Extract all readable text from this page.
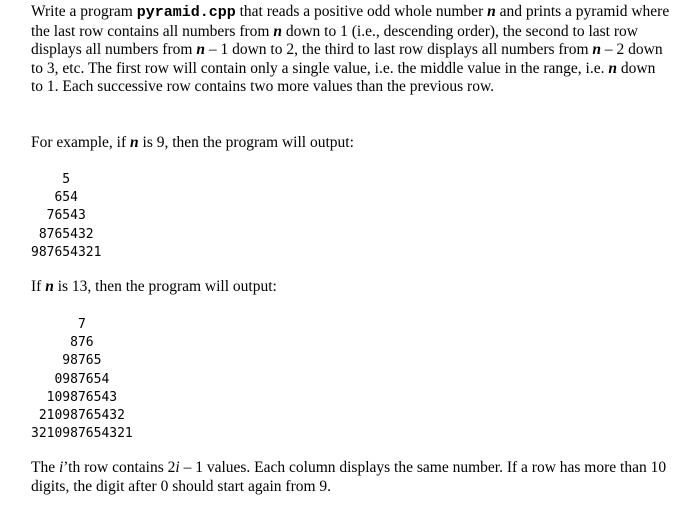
Write a program pyramid.cpp that reads a positive odd whole number n and prints a pyramid where the last row contains all numbers from n down to 1 (i.e., descending order), the second to last row displays all numbers from n – 1 down to 2, the third to last row displays all numbers from n – 2 down to 3, etc. The first row will contain only a single value, i.e. the middle value in the range, i.e. n down to 1. Each successive row contains two more values than the previous row.

For example, if n is 9, then the program will output:

5
654
76543
8765432
987654321

If n is 13, then the program will output:

7
876
98765
0987654
109876543
21098765432
3210987654321

The i’th row contains 2i – 1 values. Each column displays the same number. If a row has more than 10 digits, the digit after 0 should start again from 9.
